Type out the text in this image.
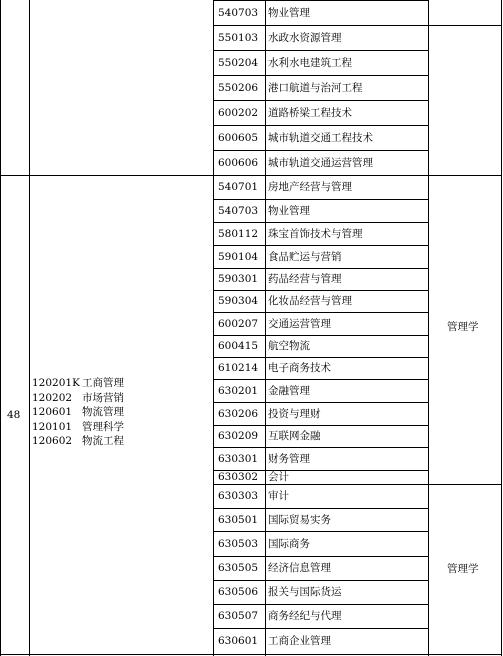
540703 物业管理
550103 水政水资源管理
550204 水利水电建筑工程
550206 港口航道与治河工程
600202 道路桥梁工程技术
600605 城市轨道交通工程技术
600606 城市轨道交通运营管理
48
120201K 工商管理
120202 市场营销
120601 物流管理
120101 管理科学
120602 物流工程
540701 房地产经营与管理
540703 物业管理
580112 珠宝首饰技术与管理
590104 食品贮运与营销
590301 药品经营与管理
590304 化妆品经营与管理
600207 交通运营管理
600415 航空物流
610214 电子商务技术
630201 金融管理
630206 投资与理财
630209 互联网金融
630301 财务管理
630302 会计
630303 审计
630501 国际贸易实务
630503 国际商务
630505 经济信息管理
630506 报关与国际货运
630507 商务经纪与代理
630601 工商企业管理
管理学
管理学
